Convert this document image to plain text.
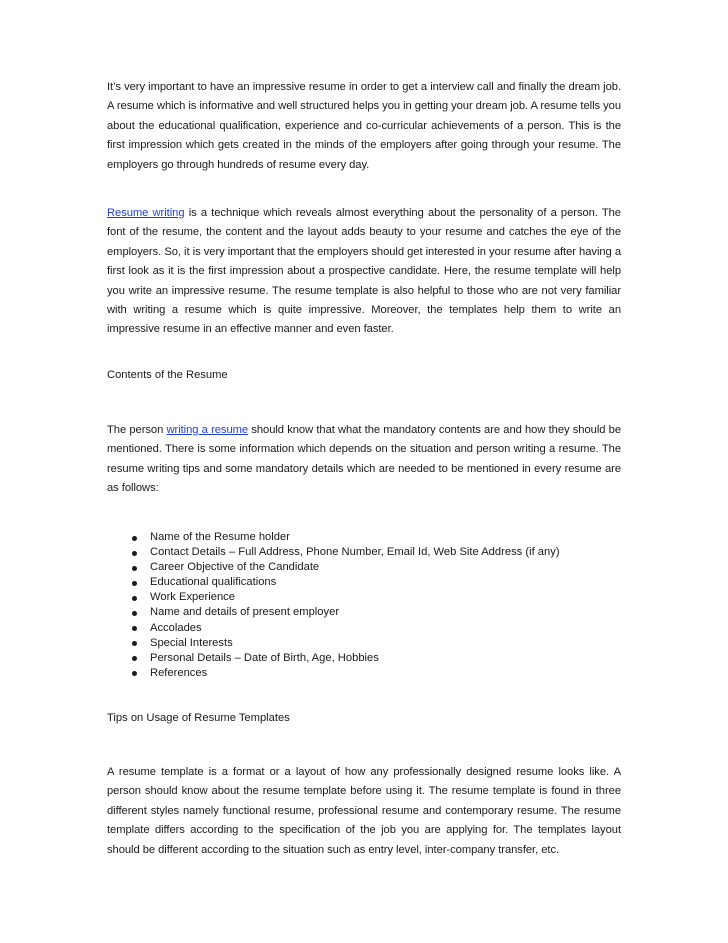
It’s very important to have an impressive resume in order to get a interview call and finally the dream job. A resume which is informative and well structured helps you in getting your dream job. A resume tells you about the educational qualification, experience and co-curricular achievements of a person. This is the first impression which gets created in the minds of the employers after going through your resume. The employers go through hundreds of resume every day.

Resume writing is a technique which reveals almost everything about the personality of a person. The font of the resume, the content and the layout adds beauty to your resume and catches the eye of the employers. So, it is very important that the employers should get interested in your resume after having a first look as it is the first impression about a prospective candidate. Here, the resume template will help you write an impressive resume. The resume template is also helpful to those who are not very familiar with writing a resume which is quite impressive. Moreover, the templates help them to write an impressive resume in an effective manner and even faster.

Contents of the Resume

The person writing a resume should know that what the mandatory contents are and how they should be mentioned. There is some information which depends on the situation and person writing a resume. The resume writing tips and some mandatory details which are needed to be mentioned in every resume are as follows:

Name of the Resume holder
Contact Details – Full Address, Phone Number, Email Id, Web Site Address (if any)
Career Objective of the Candidate
Educational qualifications
Work Experience
Name and details of present employer
Accolades
Special Interests
Personal Details – Date of Birth, Age, Hobbies
References

Tips on Usage of Resume Templates

A resume template is a format or a layout of how any professionally designed resume looks like. A person should know about the resume template before using it. The resume template is found in three different styles namely functional resume, professional resume and contemporary resume. The resume template differs according to the specification of the job you are applying for. The templates layout should be different according to the situation such as entry level, inter-company transfer, etc.
